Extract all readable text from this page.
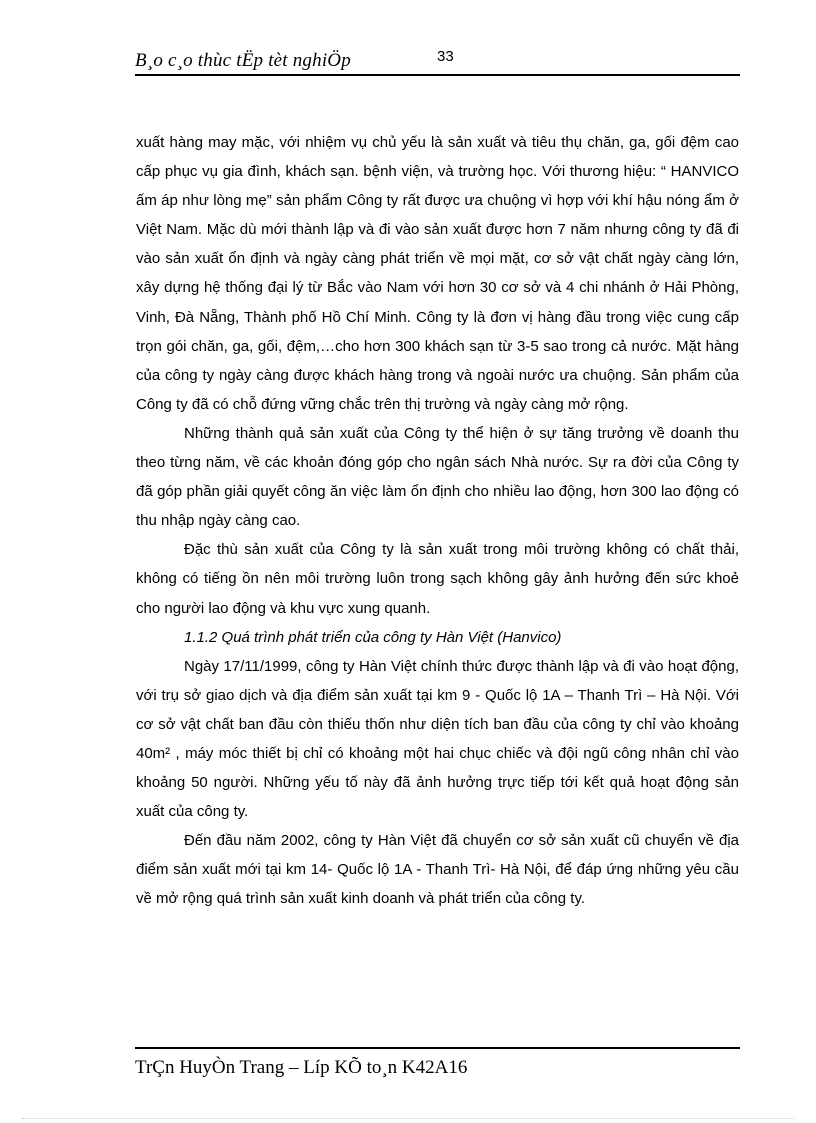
B¸o c¸o thùc tËp tèt nghiÖp	33

xuất hàng may mặc, với nhiệm vụ chủ yếu là sản xuất và tiêu thụ chăn, ga, gối đệm cao cấp phục vụ gia đình, khách sạn. bệnh viện, và trường học. Với thương hiệu: “ HANVICO ấm áp như lòng mẹ” sản phẩm Công ty rất được ưa chuộng vì hợp với khí hậu nóng ẩm ở Việt Nam. Mặc dù mới thành lập và đi vào sản xuất được hơn 7 năm nhưng công ty đã đi vào sản xuất ổn định và ngày càng phát triển về mọi mặt, cơ sở vật chất ngày càng lớn, xây dựng hệ thống đại lý từ Bắc vào Nam với hơn 30 cơ sở và 4 chi nhánh ở Hải Phòng, Vinh, Đà Nẵng, Thành phố Hồ Chí Minh. Công ty là đơn vị hàng đầu trong việc cung cấp trọn gói chăn, ga, gối, đệm,…cho hơn 300 khách sạn từ 3-5 sao trong cả nước. Mặt hàng của công ty ngày càng được khách hàng trong và ngoài nước ưa chuộng. Sản phẩm của Công ty đã có chỗ đứng vững chắc trên thị trường và ngày càng mở rộng.

Những thành quả sản xuất của Công ty thể hiện ở sự tăng trưởng về doanh thu theo từng năm, về các khoản đóng góp cho ngân sách Nhà nước. Sự ra đời của Công ty đã góp phần giải quyết công ăn việc làm ổn định cho nhiều lao động, hơn 300 lao động có thu nhập ngày càng cao.

Đặc thù sản xuất của Công ty là sản xuất trong môi trường không có chất thải, không có tiếng ồn nên môi trường luôn trong sạch không gây ảnh hưởng đến sức khoẻ cho người lao động và khu vực xung quanh.

1.1.2 Quá trình phát triển của công ty Hàn Việt (Hanvico)

Ngày 17/11/1999, công ty Hàn Việt chính thức được thành lập và đi vào hoạt động, với trụ sở giao dịch và địa điểm sản xuất tại km 9 - Quốc lộ 1A – Thanh Trì – Hà Nội. Với cơ sở vật chất ban đầu còn thiếu thốn như diện tích ban đầu của công ty chỉ vào khoảng 40m² , máy móc thiết bị chỉ có khoảng một hai chục chiếc và đội ngũ công nhân chỉ vào khoảng 50 người. Những yếu tố này đã ảnh hưởng trực tiếp tới kết quả hoạt động sản xuất của công ty.

Đến đầu năm 2002, công ty Hàn Việt đã chuyển cơ sở sản xuất cũ chuyển về địa điểm sản xuất mới tại km 14- Quốc lộ 1A - Thanh Trì- Hà Nội, để đáp ứng những yêu cầu về mở rộng quá trình sản xuất kinh doanh và phát triển của công ty.

TrÇn HuyÒn Trang – Líp KÕ to¸n K42A16
